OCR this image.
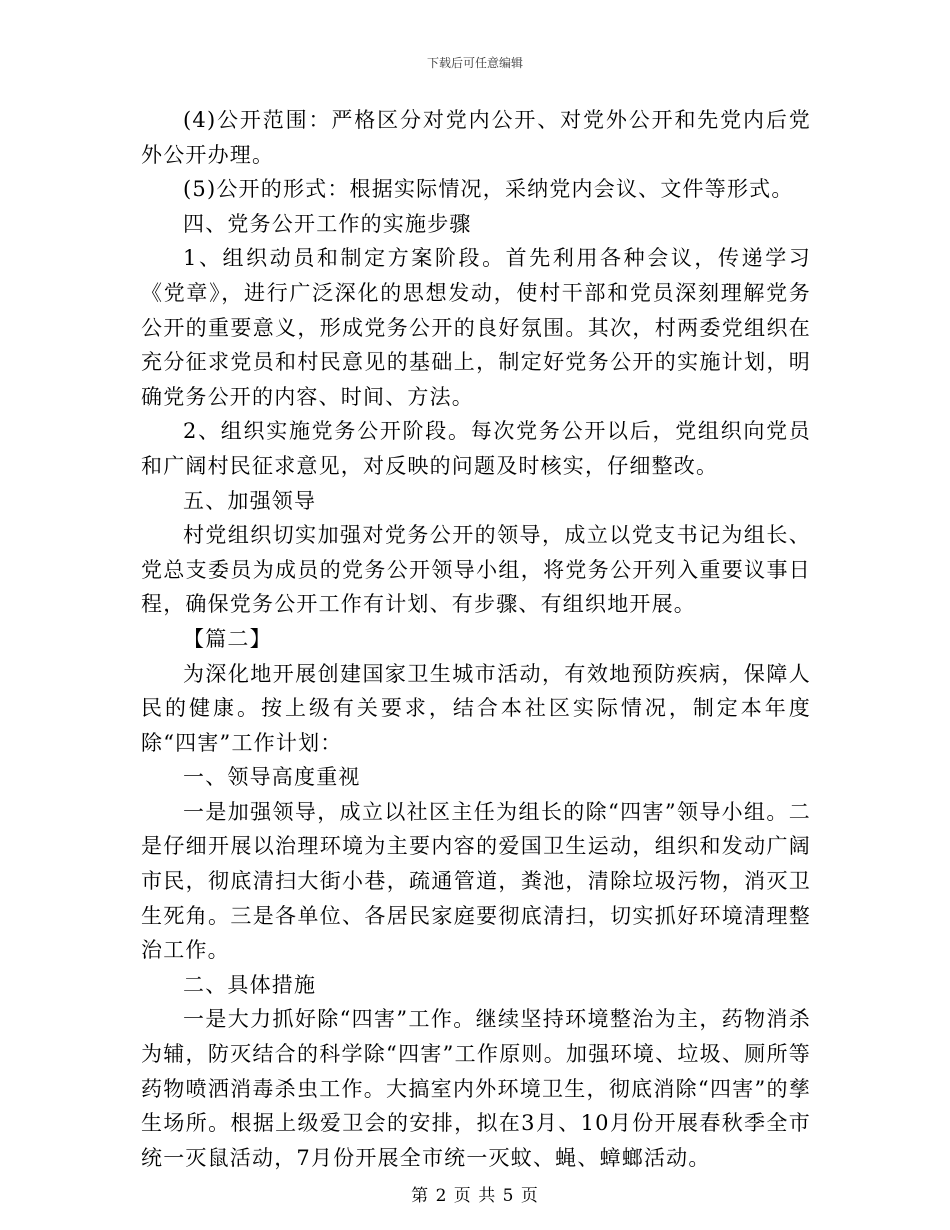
下载后可任意编辑

(4)公开范围：严格区分对党内公开、对党外公开和先党内后党外公开办理。

(5)公开的形式：根据实际情况，采纳党内会议、文件等形式。

四、党务公开工作的实施步骤

1、组织动员和制定方案阶段。首先利用各种会议，传递学习《党章》，进行广泛深化的思想发动，使村干部和党员深刻理解党务公开的重要意义，形成党务公开的良好氛围。其次，村两委党组织在充分征求党员和村民意见的基础上，制定好党务公开的实施计划，明确党务公开的内容、时间、方法。

2、组织实施党务公开阶段。每次党务公开以后，党组织向党员和广阔村民征求意见，对反映的问题及时核实，仔细整改。

五、加强领导

村党组织切实加强对党务公开的领导，成立以党支书记为组长、党总支委员为成员的党务公开领导小组，将党务公开列入重要议事日程，确保党务公开工作有计划、有步骤、有组织地开展。

【篇二】

为深化地开展创建国家卫生城市活动，有效地预防疾病，保障人民的健康。按上级有关要求，结合本社区实际情况，制定本年度除“四害”工作计划：

一、领导高度重视

一是加强领导，成立以社区主任为组长的除“四害”领导小组。二是仔细开展以治理环境为主要内容的爱国卫生运动，组织和发动广阔市民，彻底清扫大街小巷，疏通管道，粪池，清除垃圾污物，消灭卫生死角。三是各单位、各居民家庭要彻底清扫，切实抓好环境清理整治工作。

二、具体措施

一是大力抓好除“四害”工作。继续坚持环境整治为主，药物消杀为辅，防灭结合的科学除“四害”工作原则。加强环境、垃圾、厕所等药物喷洒消毒杀虫工作。大搞室内外环境卫生，彻底消除“四害”的孳生场所。根据上级爱卫会的安排，拟在3月、10月份开展春秋季全市统一灭鼠活动，7月份开展全市统一灭蚊、蝇、蟑螂活动。

第 2 页 共 5 页
